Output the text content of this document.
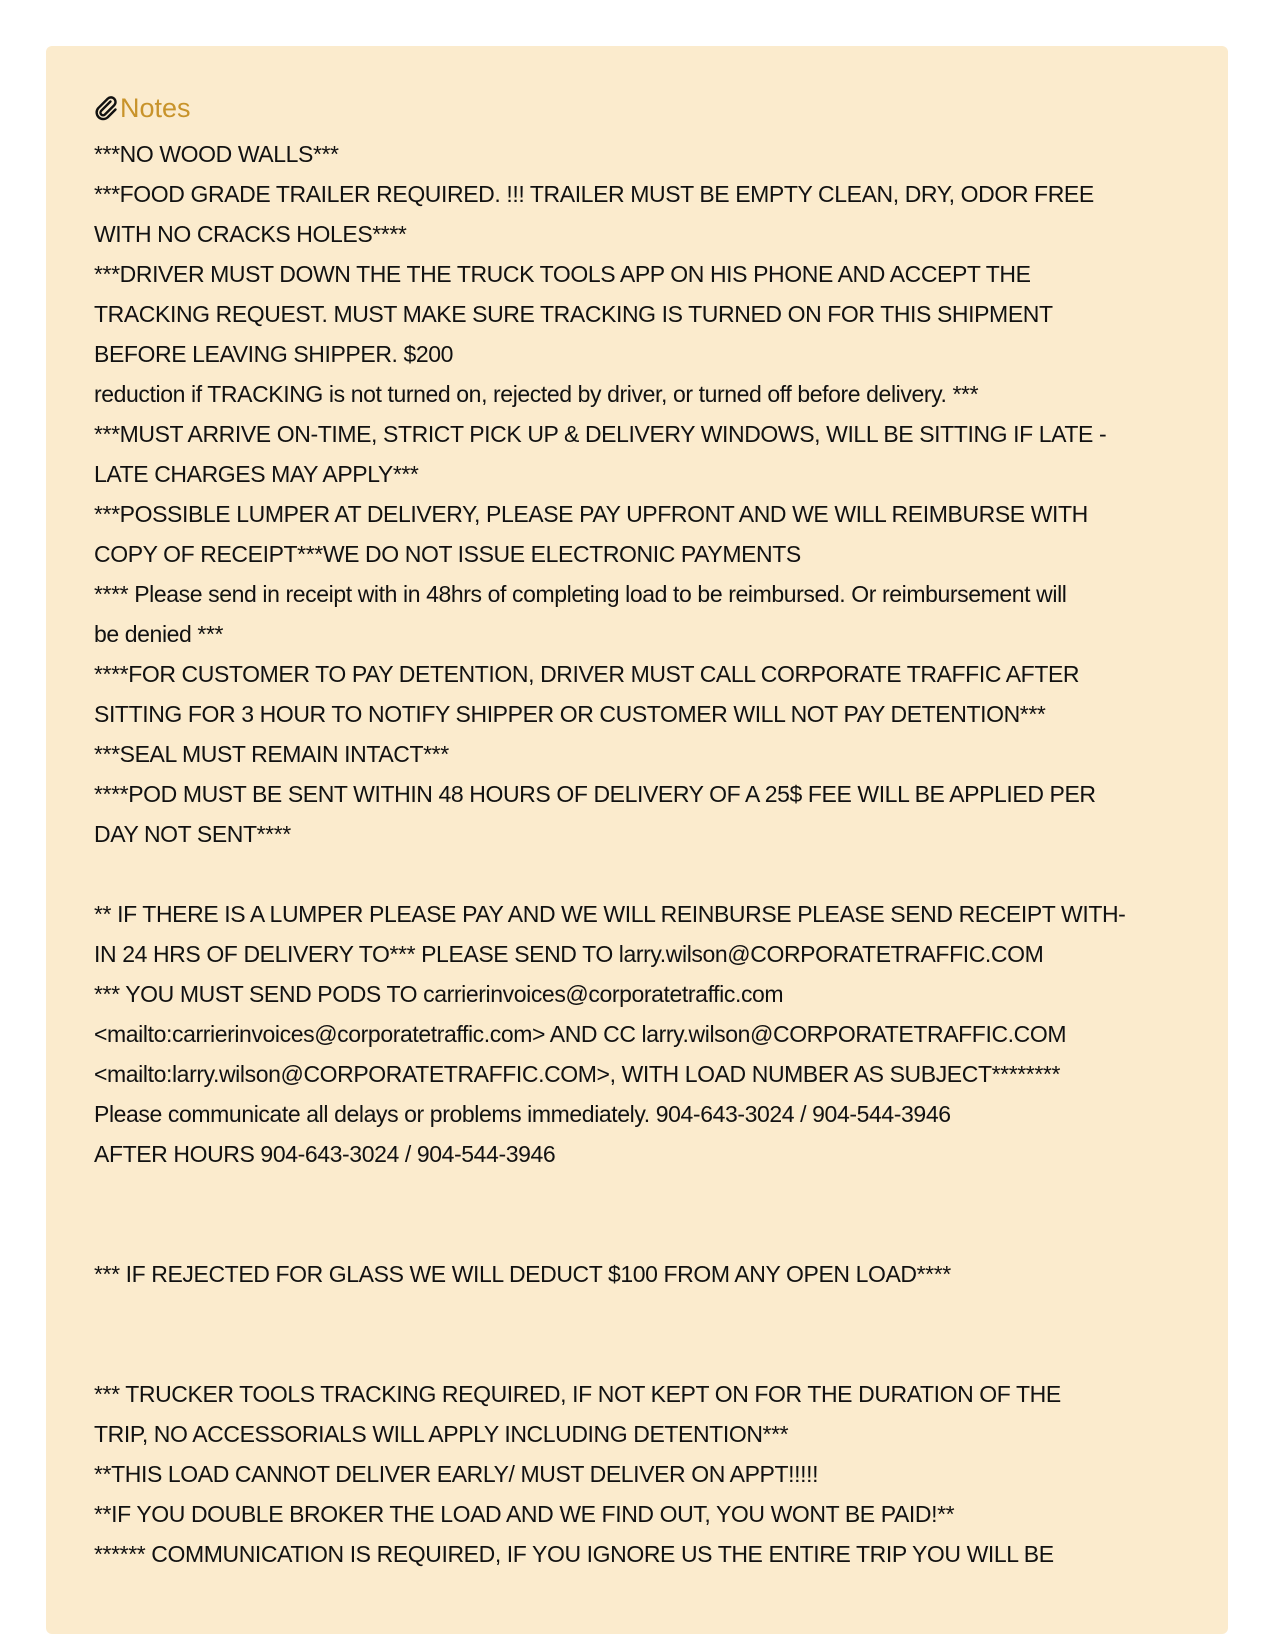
Notes
***NO WOOD WALLS***
***FOOD GRADE TRAILER REQUIRED. !!! TRAILER MUST BE EMPTY CLEAN, DRY, ODOR FREE
WITH NO CRACKS HOLES****
***DRIVER MUST DOWN THE THE TRUCK TOOLS APP ON HIS PHONE AND ACCEPT THE
TRACKING REQUEST. MUST MAKE SURE TRACKING IS TURNED ON FOR THIS SHIPMENT
BEFORE LEAVING SHIPPER. $200
reduction if TRACKING is not turned on, rejected by driver, or turned off before delivery. ***
***MUST ARRIVE ON-TIME, STRICT PICK UP & DELIVERY WINDOWS, WILL BE SITTING IF LATE -
LATE CHARGES MAY APPLY***
***POSSIBLE LUMPER AT DELIVERY, PLEASE PAY UPFRONT AND WE WILL REIMBURSE WITH
COPY OF RECEIPT***WE DO NOT ISSUE ELECTRONIC PAYMENTS
**** Please send in receipt with in 48hrs of completing load to be reimbursed. Or reimbursement will
be denied ***
****FOR CUSTOMER TO PAY DETENTION, DRIVER MUST CALL CORPORATE TRAFFIC AFTER
SITTING FOR 3 HOUR TO NOTIFY SHIPPER OR CUSTOMER WILL NOT PAY DETENTION***
***SEAL MUST REMAIN INTACT***
****POD MUST BE SENT WITHIN 48 HOURS OF DELIVERY OF A 25$ FEE WILL BE APPLIED PER
DAY NOT SENT****
** IF THERE IS A LUMPER PLEASE PAY AND WE WILL REINBURSE PLEASE SEND RECEIPT WITH-
IN 24 HRS OF DELIVERY TO*** PLEASE SEND TO larry.wilson@CORPORATETRAFFIC.COM
*** YOU MUST SEND PODS TO carrierinvoices@corporatetraffic.com
<mailto:carrierinvoices@corporatetraffic.com> AND CC larry.wilson@CORPORATETRAFFIC.COM
<mailto:larry.wilson@CORPORATETRAFFIC.COM>, WITH LOAD NUMBER AS SUBJECT********
Please communicate all delays or problems immediately. 904-643-3024 / 904-544-3946
AFTER HOURS 904-643-3024 / 904-544-3946
*** IF REJECTED FOR GLASS WE WILL DEDUCT $100 FROM ANY OPEN LOAD****
*** TRUCKER TOOLS TRACKING REQUIRED, IF NOT KEPT ON FOR THE DURATION OF THE
TRIP, NO ACCESSORIALS WILL APPLY INCLUDING DETENTION***
**THIS LOAD CANNOT DELIVER EARLY/ MUST DELIVER ON APPT!!!!!
**IF YOU DOUBLE BROKER THE LOAD AND WE FIND OUT, YOU WONT BE PAID!**
****** COMMUNICATION IS REQUIRED, IF YOU IGNORE US THE ENTIRE TRIP YOU WILL BE
